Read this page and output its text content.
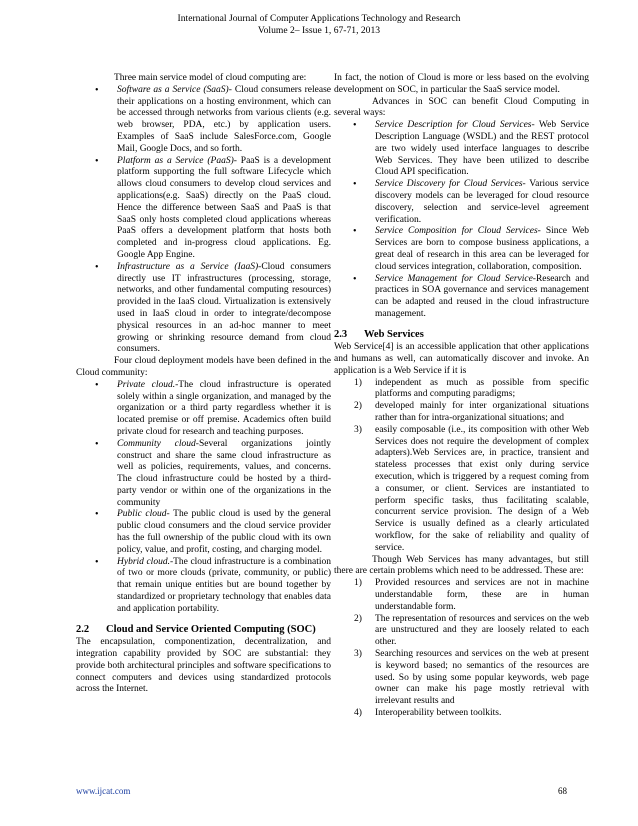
International Journal of Computer Applications Technology and Research
Volume 2– Issue 1, 67-71, 2013

Three main service model of cloud computing are:

• Software as a Service (SaaS)- Cloud consumers release their applications on a hosting environment, which can be accessed through networks from various clients (e.g. web browser, PDA, etc.) by application users. Examples of SaaS include SalesForce.com, Google Mail, Google Docs, and so forth.
• Platform as a Service (PaaS)- PaaS is a development platform supporting the full software Lifecycle which allows cloud consumers to develop cloud services and applications(e.g. SaaS) directly on the PaaS cloud. Hence the difference between SaaS and PaaS is that SaaS only hosts completed cloud applications whereas PaaS offers a development platform that hosts both completed and in-progress cloud applications. Eg. Google App Engine.
• Infrastructure as a Service (IaaS)-Cloud consumers directly use IT infrastructures (processing, storage, networks, and other fundamental computing resources) provided in the IaaS cloud. Virtualization is extensively used in IaaS cloud in order to integrate/decompose physical resources in an ad-hoc manner to meet growing or shrinking resource demand from cloud consumers.

Four cloud deployment models have been defined in the Cloud community:

• Private cloud.-The cloud infrastructure is operated solely within a single organization, and managed by the organization or a third party regardless whether it is located premise or off premise. Academics often build private cloud for research and teaching purposes.
• Community cloud-Several organizations jointly construct and share the same cloud infrastructure as well as policies, requirements, values, and concerns. The cloud infrastructure could be hosted by a third-party vendor or within one of the organizations in the community
• Public cloud- The public cloud is used by the general public cloud consumers and the cloud service provider has the full ownership of the public cloud with its own policy, value, and profit, costing, and charging model.
• Hybrid cloud.-The cloud infrastructure is a combination of two or more clouds (private, community, or public) that remain unique entities but are bound together by standardized or proprietary technology that enables data and application portability.
2.2 Cloud and Service Oriented Computing (SOC)

The encapsulation, componentization, decentralization, and integration capability provided by SOC are substantial: they provide both architectural principles and software specifications to connect computers and devices using standardized protocols across the Internet.

In fact, the notion of Cloud is more or less based on the evolving development on SOC, in particular the SaaS service model.

Advances in SOC can benefit Cloud Computing in several ways:

• Service Description for Cloud Services- Web Service Description Language (WSDL) and the REST protocol are two widely used interface languages to describe Web Services. They have been utilized to describe Cloud API specification.
• Service Discovery for Cloud Services- Various service discovery models can be leveraged for cloud resource discovery, selection and service-level agreement verification.
• Service Composition for Cloud Services- Since Web Services are born to compose business applications, a great deal of research in this area can be leveraged for cloud services integration, collaboration, composition.
• Service Management for Cloud Service-Research and practices in SOA governance and services management can be adapted and reused in the cloud infrastructure management.
2.3 Web Services

Web Service[4] is an accessible application that other applications and humans as well, can automatically discover and invoke. An application is a Web Service if it is

1) independent as much as possible from specific platforms and computing paradigms;
2) developed mainly for inter organizational situations rather than for intra-organizational situations; and
3) easily composable (i.e., its composition with other Web Services does not require the development of complex adapters).Web Services are, in practice, transient and stateless processes that exist only during service execution, which is triggered by a request coming from a consumer, or client. Services are instantiated to perform specific tasks, thus facilitating scalable, concurrent service provision. The design of a Web Service is usually defined as a clearly articulated workflow, for the sake of reliability and quality of service.

Though Web Services has many advantages, but still there are certain problems which need to be addressed. These are:

1) Provided resources and services are not in machine understandable form, these are in human understandable form.
2) The representation of resources and services on the web are unstructured and they are loosely related to each other.
3) Searching resources and services on the web at present is keyword based; no semantics of the resources are used. So by using some popular keywords, web page owner can make his page mostly retrieval with irrelevant results and
4) Interoperability between toolkits.
www.ijcat.com	68
